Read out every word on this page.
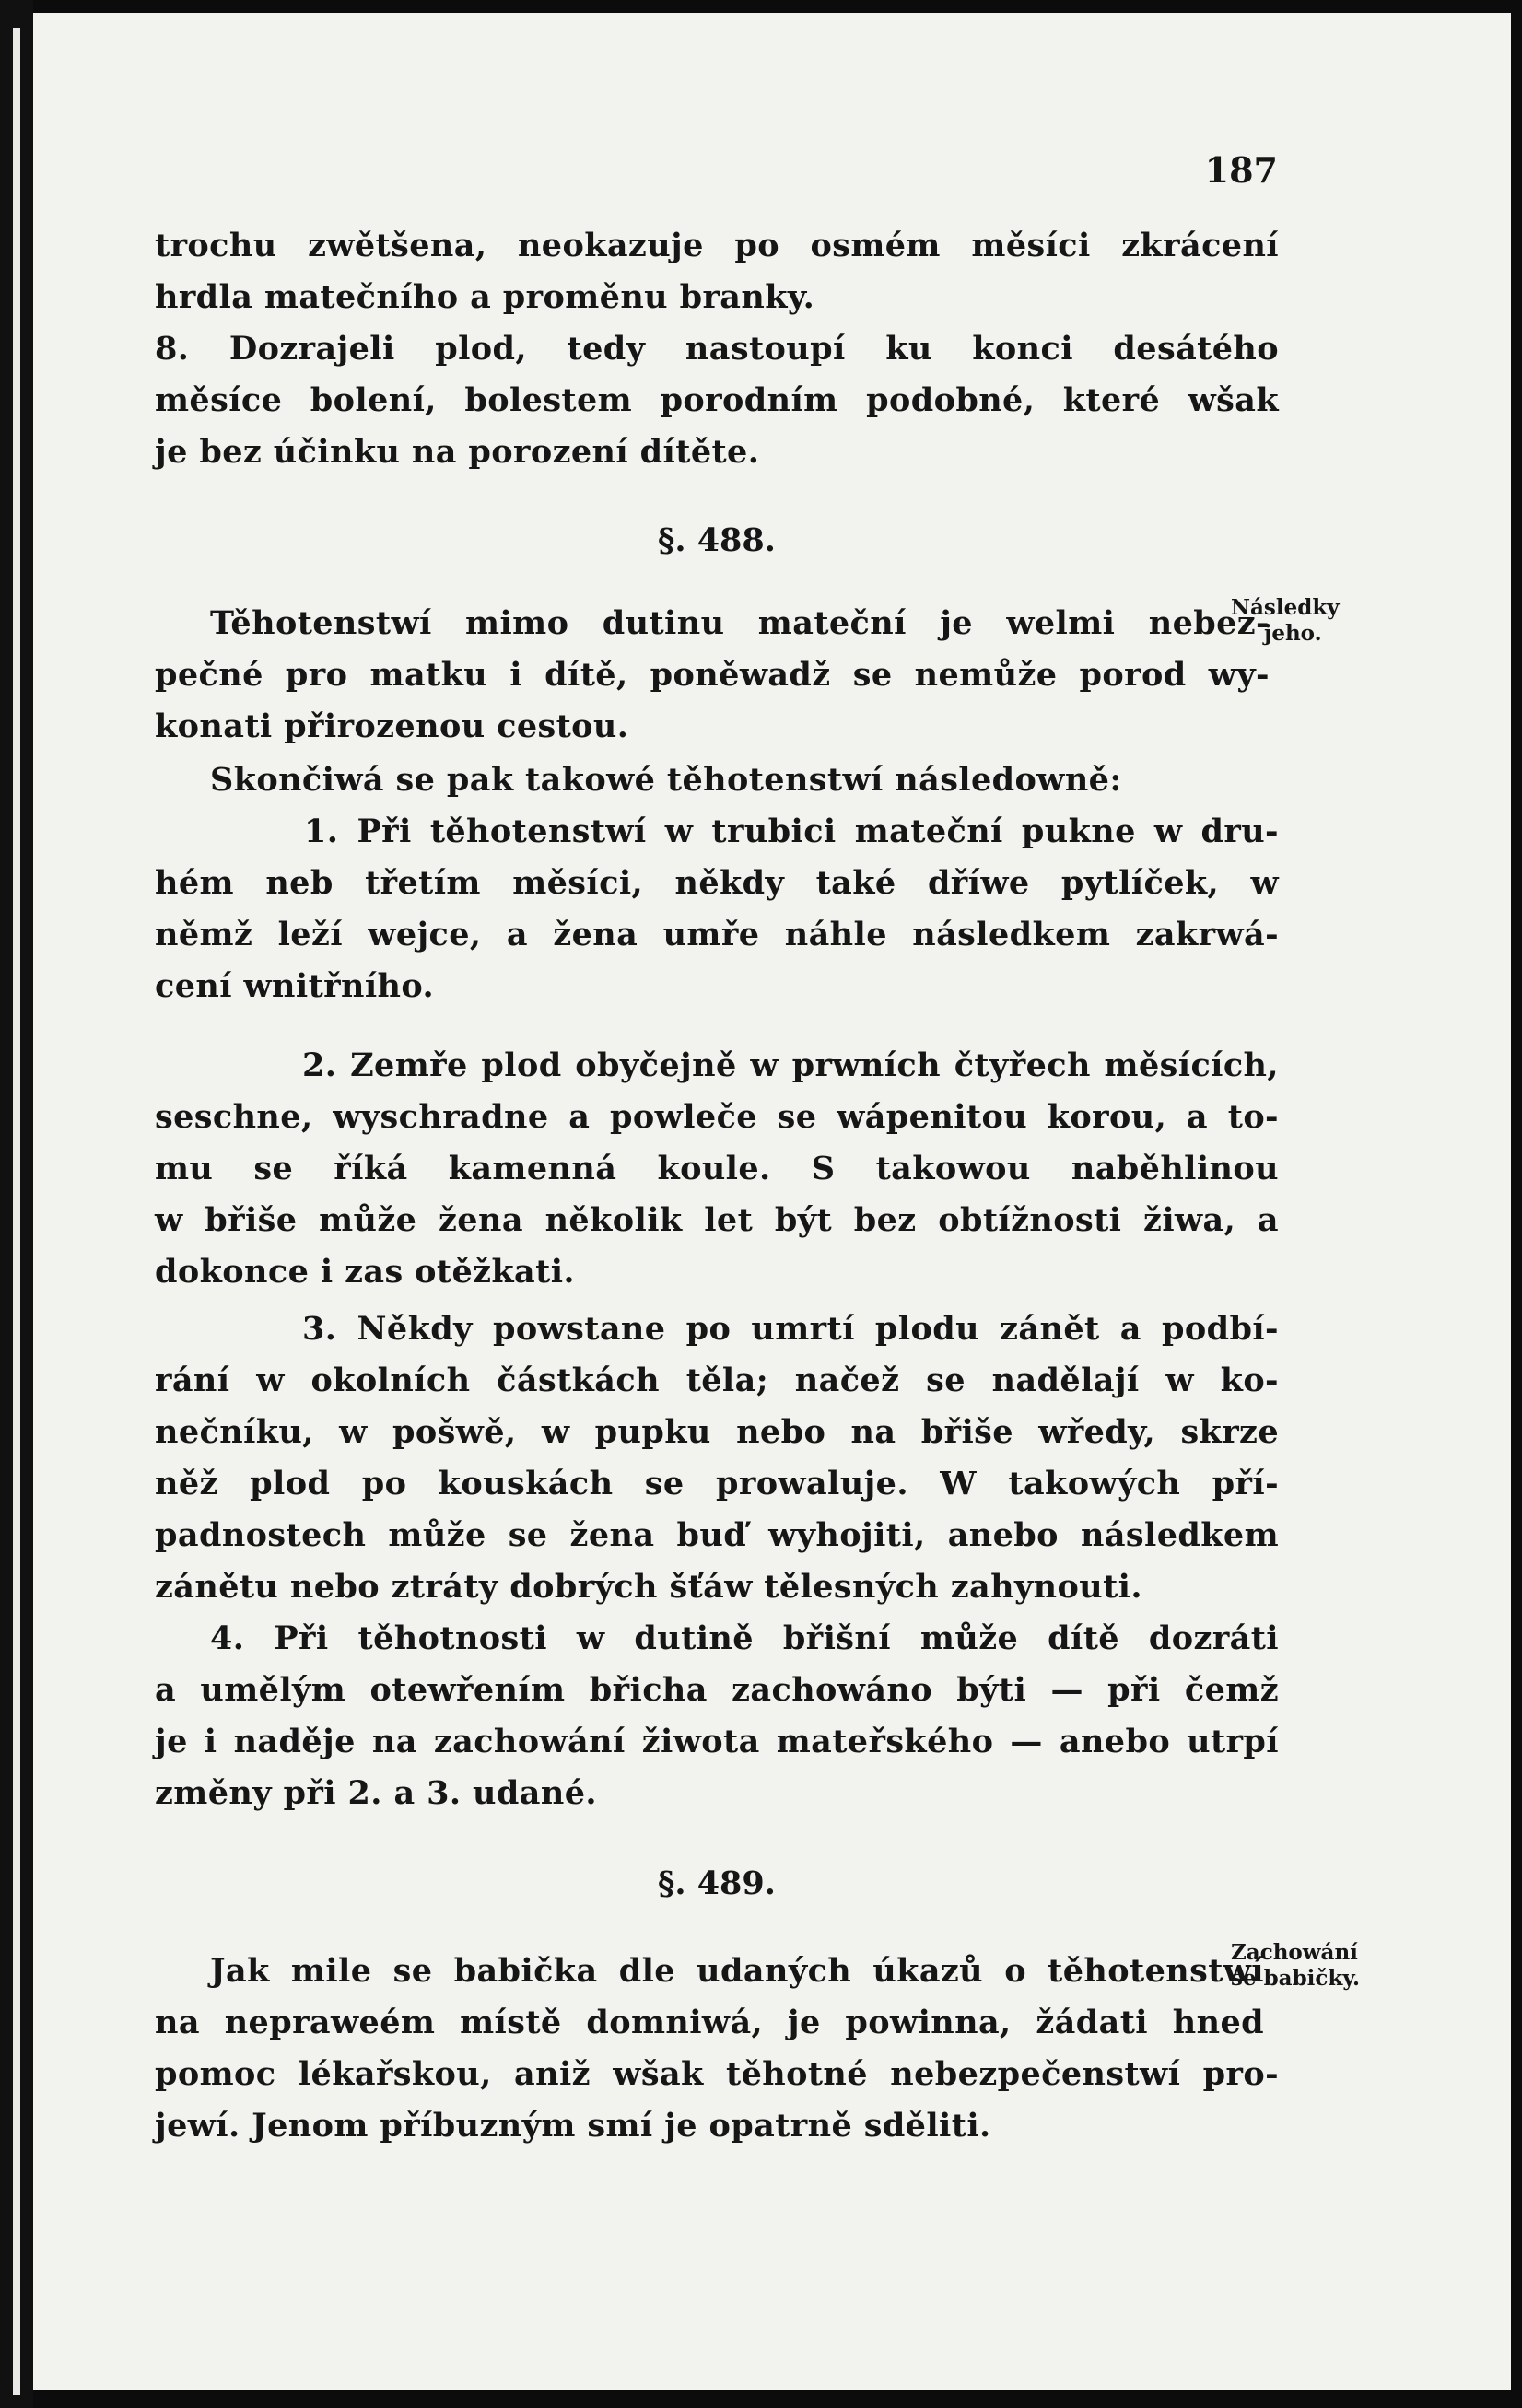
187

trochu zwětšena, neokazuje po osmém měsíci zkrácení

hrdla matečního a proměnu branky.

8. Dozrajeli plod, tedy nastoupí ku konci desátého

měsíce bolení, bolestem porodním podobné, které wšak

je bez účinku na porození dítěte.

§. 488.
Následky
jeho.

Těhotenstwí mimo dutinu mateční je welmi nebez-

pečné pro matku i dítě, poněwadž se nemůže porod wy-

konati přirozenou cestou.

Skončiwá se pak takowé těhotenstwí následowně:

1. Při těhotenstwí w trubici mateční pukne w dru-

hém neb třetím měsíci, někdy také dříwe pytlíček, w

němž leží wejce, a žena umře náhle následkem zakrwá-

cení wnitřního.

2. Zemře plod obyčejně w prwních čtyřech měsících,

seschne, wyschradne a powleče se wápenitou korou, a to-

mu se říká kamenná koule. S takowou naběhlinou

w břiše může žena několik let být bez obtížnosti žiwa, a

dokonce i zas otěžkati.

3. Někdy powstane po umrtí plodu zánět a podbí-

rání w okolních částkách těla; načež se nadělají w ko-

nečníku, w pošwě, w pupku nebo na břiše wředy, skrze

něž plod po kouskách se prowaluje. W takowých pří-

padnostech může se žena buď wyhojiti, anebo následkem

zánětu nebo ztráty dobrých šťáw tělesných zahynouti.

4. Při těhotnosti w dutině břišní může dítě dozráti

a umělým otewřením břicha zachowáno býti — při čemž

je i naděje na zachowání žiwota mateřského — anebo utrpí

změny při 2. a 3. udané.

§. 489.
Zachowání
se babičky.

Jak mile se babička dle udaných úkazů o těhotenstwí

na nepraweém místě domniwá, je powinna, žádati hned

pomoc lékařskou, aniž wšak těhotné nebezpečenstwí pro-

jewí. Jenom příbuzným smí je opatrně sděliti.
